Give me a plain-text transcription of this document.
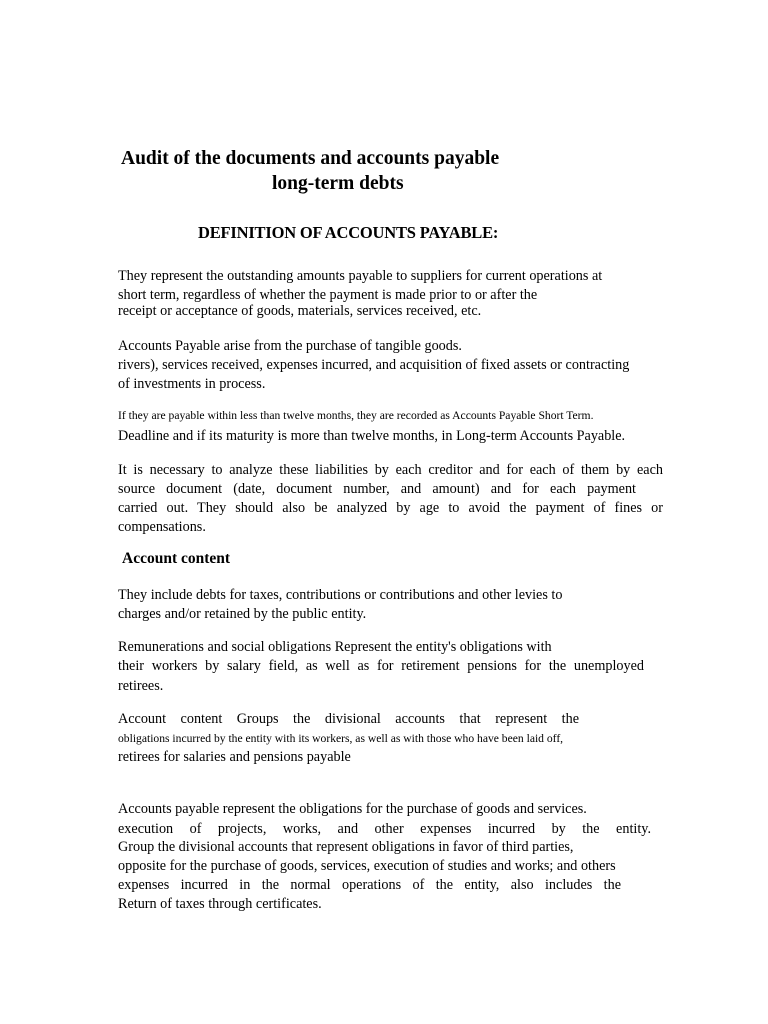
Audit of the documents and accounts payable
long-term debts
DEFINITION OF ACCOUNTS PAYABLE:
They represent the outstanding amounts payable to suppliers for current operations at
short term, regardless of whether the payment is made prior to or after the
receipt or acceptance of goods, materials, services received, etc.
Accounts Payable arise from the purchase of tangible goods.
rivers), services received, expenses incurred, and acquisition of fixed assets or contracting
of investments in process.
If they are payable within less than twelve months, they are recorded as Accounts Payable Short Term.
Deadline and if its maturity is more than twelve months, in Long-term Accounts Payable.
It is necessary to analyze these liabilities by each creditor and for each of them by each
source document (date, document number, and amount) and for each payment
carried out. They should also be analyzed by age to avoid the payment of fines or
compensations.
Account content
They include debts for taxes, contributions or contributions and other levies to
charges and/or retained by the public entity.
Remunerations and social obligations Represent the entity's obligations with
their workers by salary field, as well as for retirement pensions for the unemployed
retirees.
Account content Groups the divisional accounts that represent the
obligations incurred by the entity with its workers, as well as with those who have been laid off,
retirees for salaries and pensions payable
Accounts payable represent the obligations for the purchase of goods and services.
execution of projects, works, and other expenses incurred by the entity.
Group the divisional accounts that represent obligations in favor of third parties,
opposite for the purchase of goods, services, execution of studies and works; and others
expenses incurred in the normal operations of the entity, also includes the
Return of taxes through certificates.
